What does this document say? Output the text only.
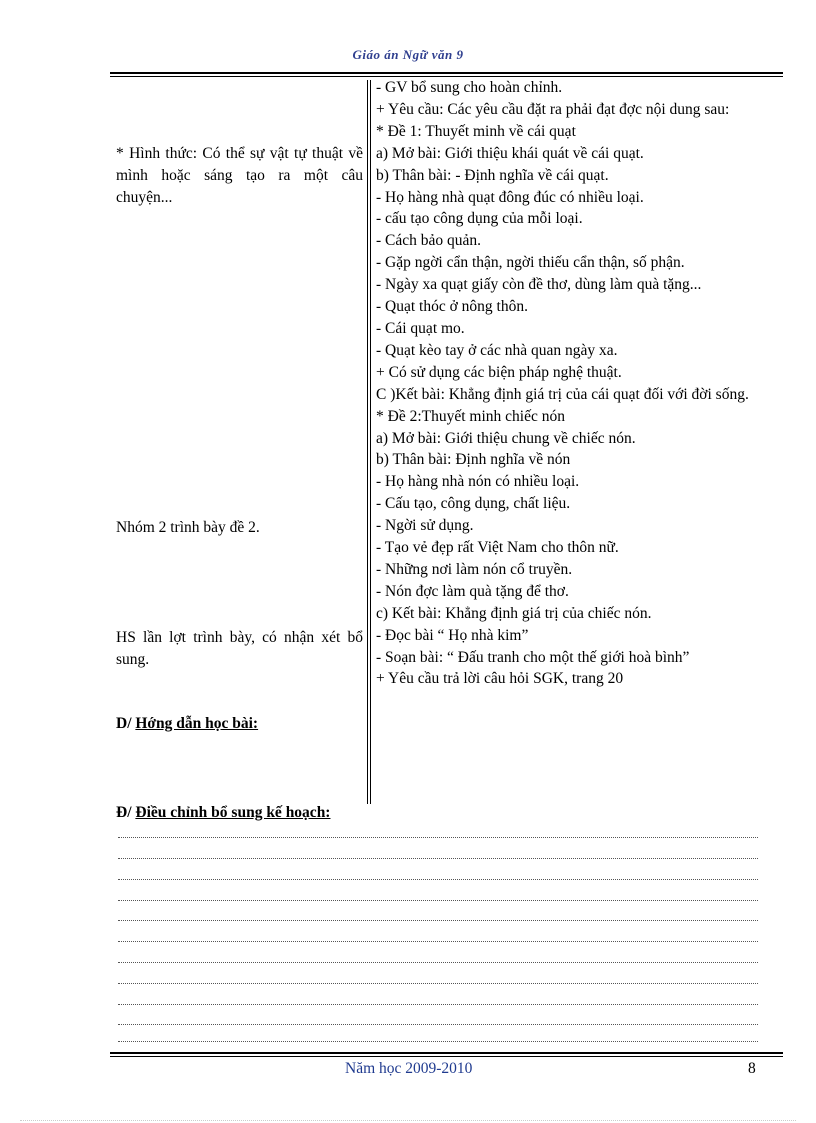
Giáo án Ngữ văn 9
* Hình thức: Có thể sự vật tự thuật về mình hoặc sáng tạo ra một câu chuyện...
Nhóm 2 trình bày đề 2.
HS lần lợt trình bày, có nhận xét bổ sung.
D/ Hớng dẫn học bài:
- GV bổ sung cho hoàn chỉnh.
+ Yêu cầu: Các yêu cầu đặt ra phải đạt đợc nội dung sau:
* Đề 1: Thuyết minh về cái quạt
a) Mở bài: Giới thiệu khái quát về cái quạt.
b) Thân bài: - Định nghĩa về cái quạt.
- Họ hàng nhà quạt đông đúc có nhiều loại.
- cấu tạo công dụng của mỗi loại.
- Cách bảo quản.
- Gặp ngời cẩn thận, ngời thiếu cẩn thận, số phận.
- Ngày xa quạt giấy còn đề thơ, dùng làm quà tặng...
- Quạt thóc ở nông thôn.
- Cái quạt mo.
- Quạt kèo tay ở các nhà quan ngày xa.
+ Có sử dụng các biện pháp nghệ thuật.
C )Kết bài: Khẳng định giá trị của cái quạt đối với đời sống.
* Đề 2:Thuyết minh chiếc nón
a) Mở bài: Giới thiệu chung về chiếc nón.
b) Thân bài: Định nghĩa về nón
- Họ hàng nhà nón có nhiều loại.
- Cấu tạo, công dụng, chất liệu.
- Ngời sử dụng.
- Tạo vẻ đẹp rất Việt Nam cho thôn nữ.
- Những nơi làm nón cổ truyền.
- Nón đợc làm quà tặng để thơ.
c) Kết bài: Khẳng định giá trị của chiếc nón.
- Đọc bài “ Họ nhà kim”
- Soạn bài: “ Đấu tranh cho một thế giới hoà bình”
+ Yêu cầu trả lời câu hỏi SGK, trang 20
Đ/ Điều chỉnh bổ sung kế hoạch:
Năm học 2009-2010	8
